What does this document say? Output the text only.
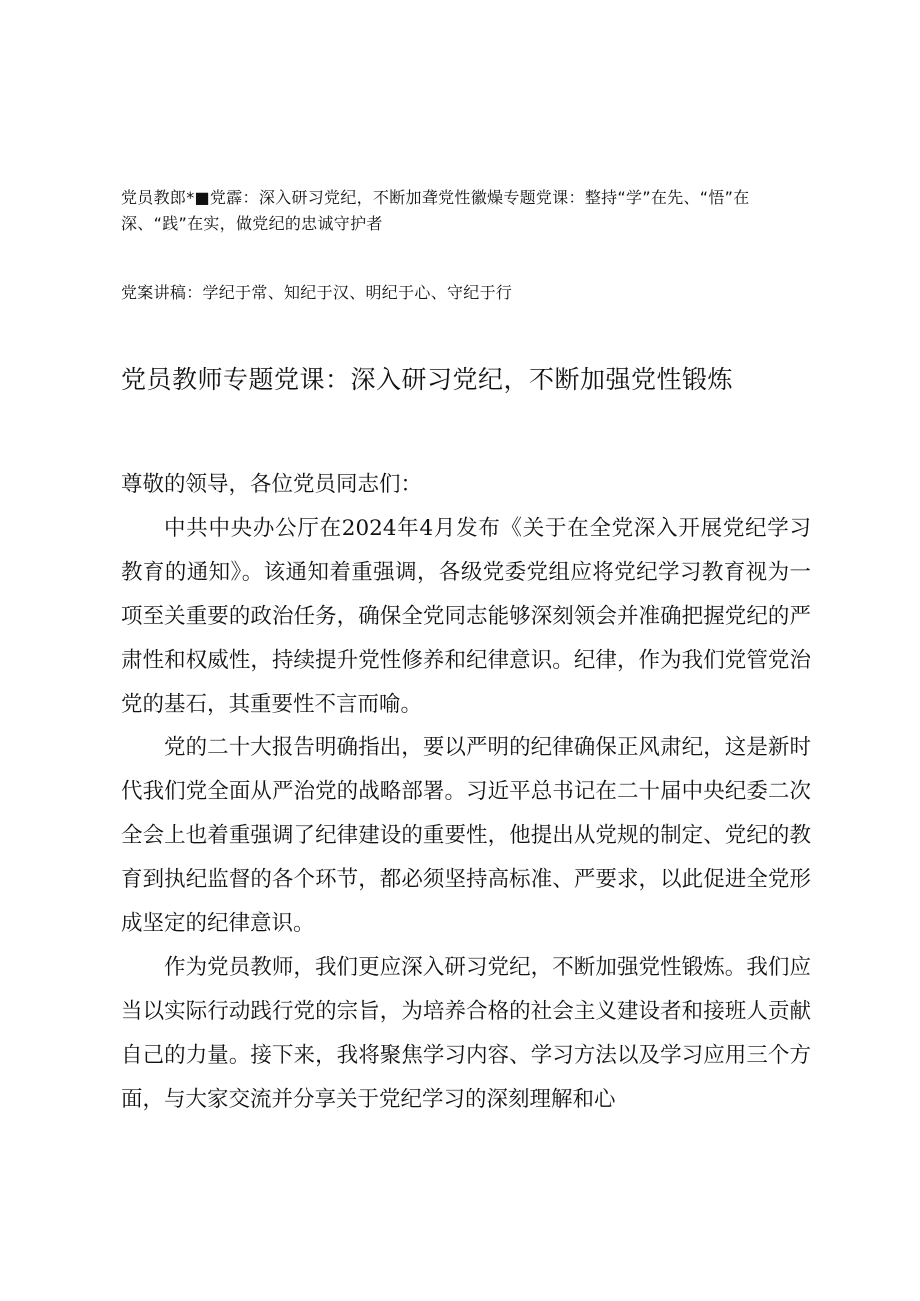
党员教郎*■党霹：深入研习党纪，不断加聋党性徽燥专题党课：整持“学”在先、“悟”在

深、“践”在实，做党纪的忠诚守护者

党案讲稿：学纪于常、知纪于汉、明纪于心、守纪于行

党员教师专题党课：深入研习党纪，不断加强党性锻炼

尊敬的领导，各位党员同志们：

中共中央办公厅在2024年4月发布《关于在全党深入开展党纪学习教育的通知》。该通知着重强调，各级党委党组应将党纪学习教育视为一项至关重要的政治任务，确保全党同志能够深刻领会并准确把握党纪的严肃性和权威性，持续提升党性修养和纪律意识。纪律，作为我们党管党治党的基石，其重要性不言而喻。

党的二十大报告明确指出，要以严明的纪律确保正风肃纪，这是新时代我们党全面从严治党的战略部署。习近平总书记在二十届中央纪委二次全会上也着重强调了纪律建设的重要性，他提出从党规的制定、党纪的教育到执纪监督的各个环节，都必须坚持高标准、严要求，以此促进全党形成坚定的纪律意识。

作为党员教师，我们更应深入研习党纪，不断加强党性锻炼。我们应当以实际行动践行党的宗旨，为培养合格的社会主义建设者和接班人贡献自己的力量。接下来，我将聚焦学习内容、学习方法以及学习应用三个方面，与大家交流并分享关于党纪学习的深刻理解和心
